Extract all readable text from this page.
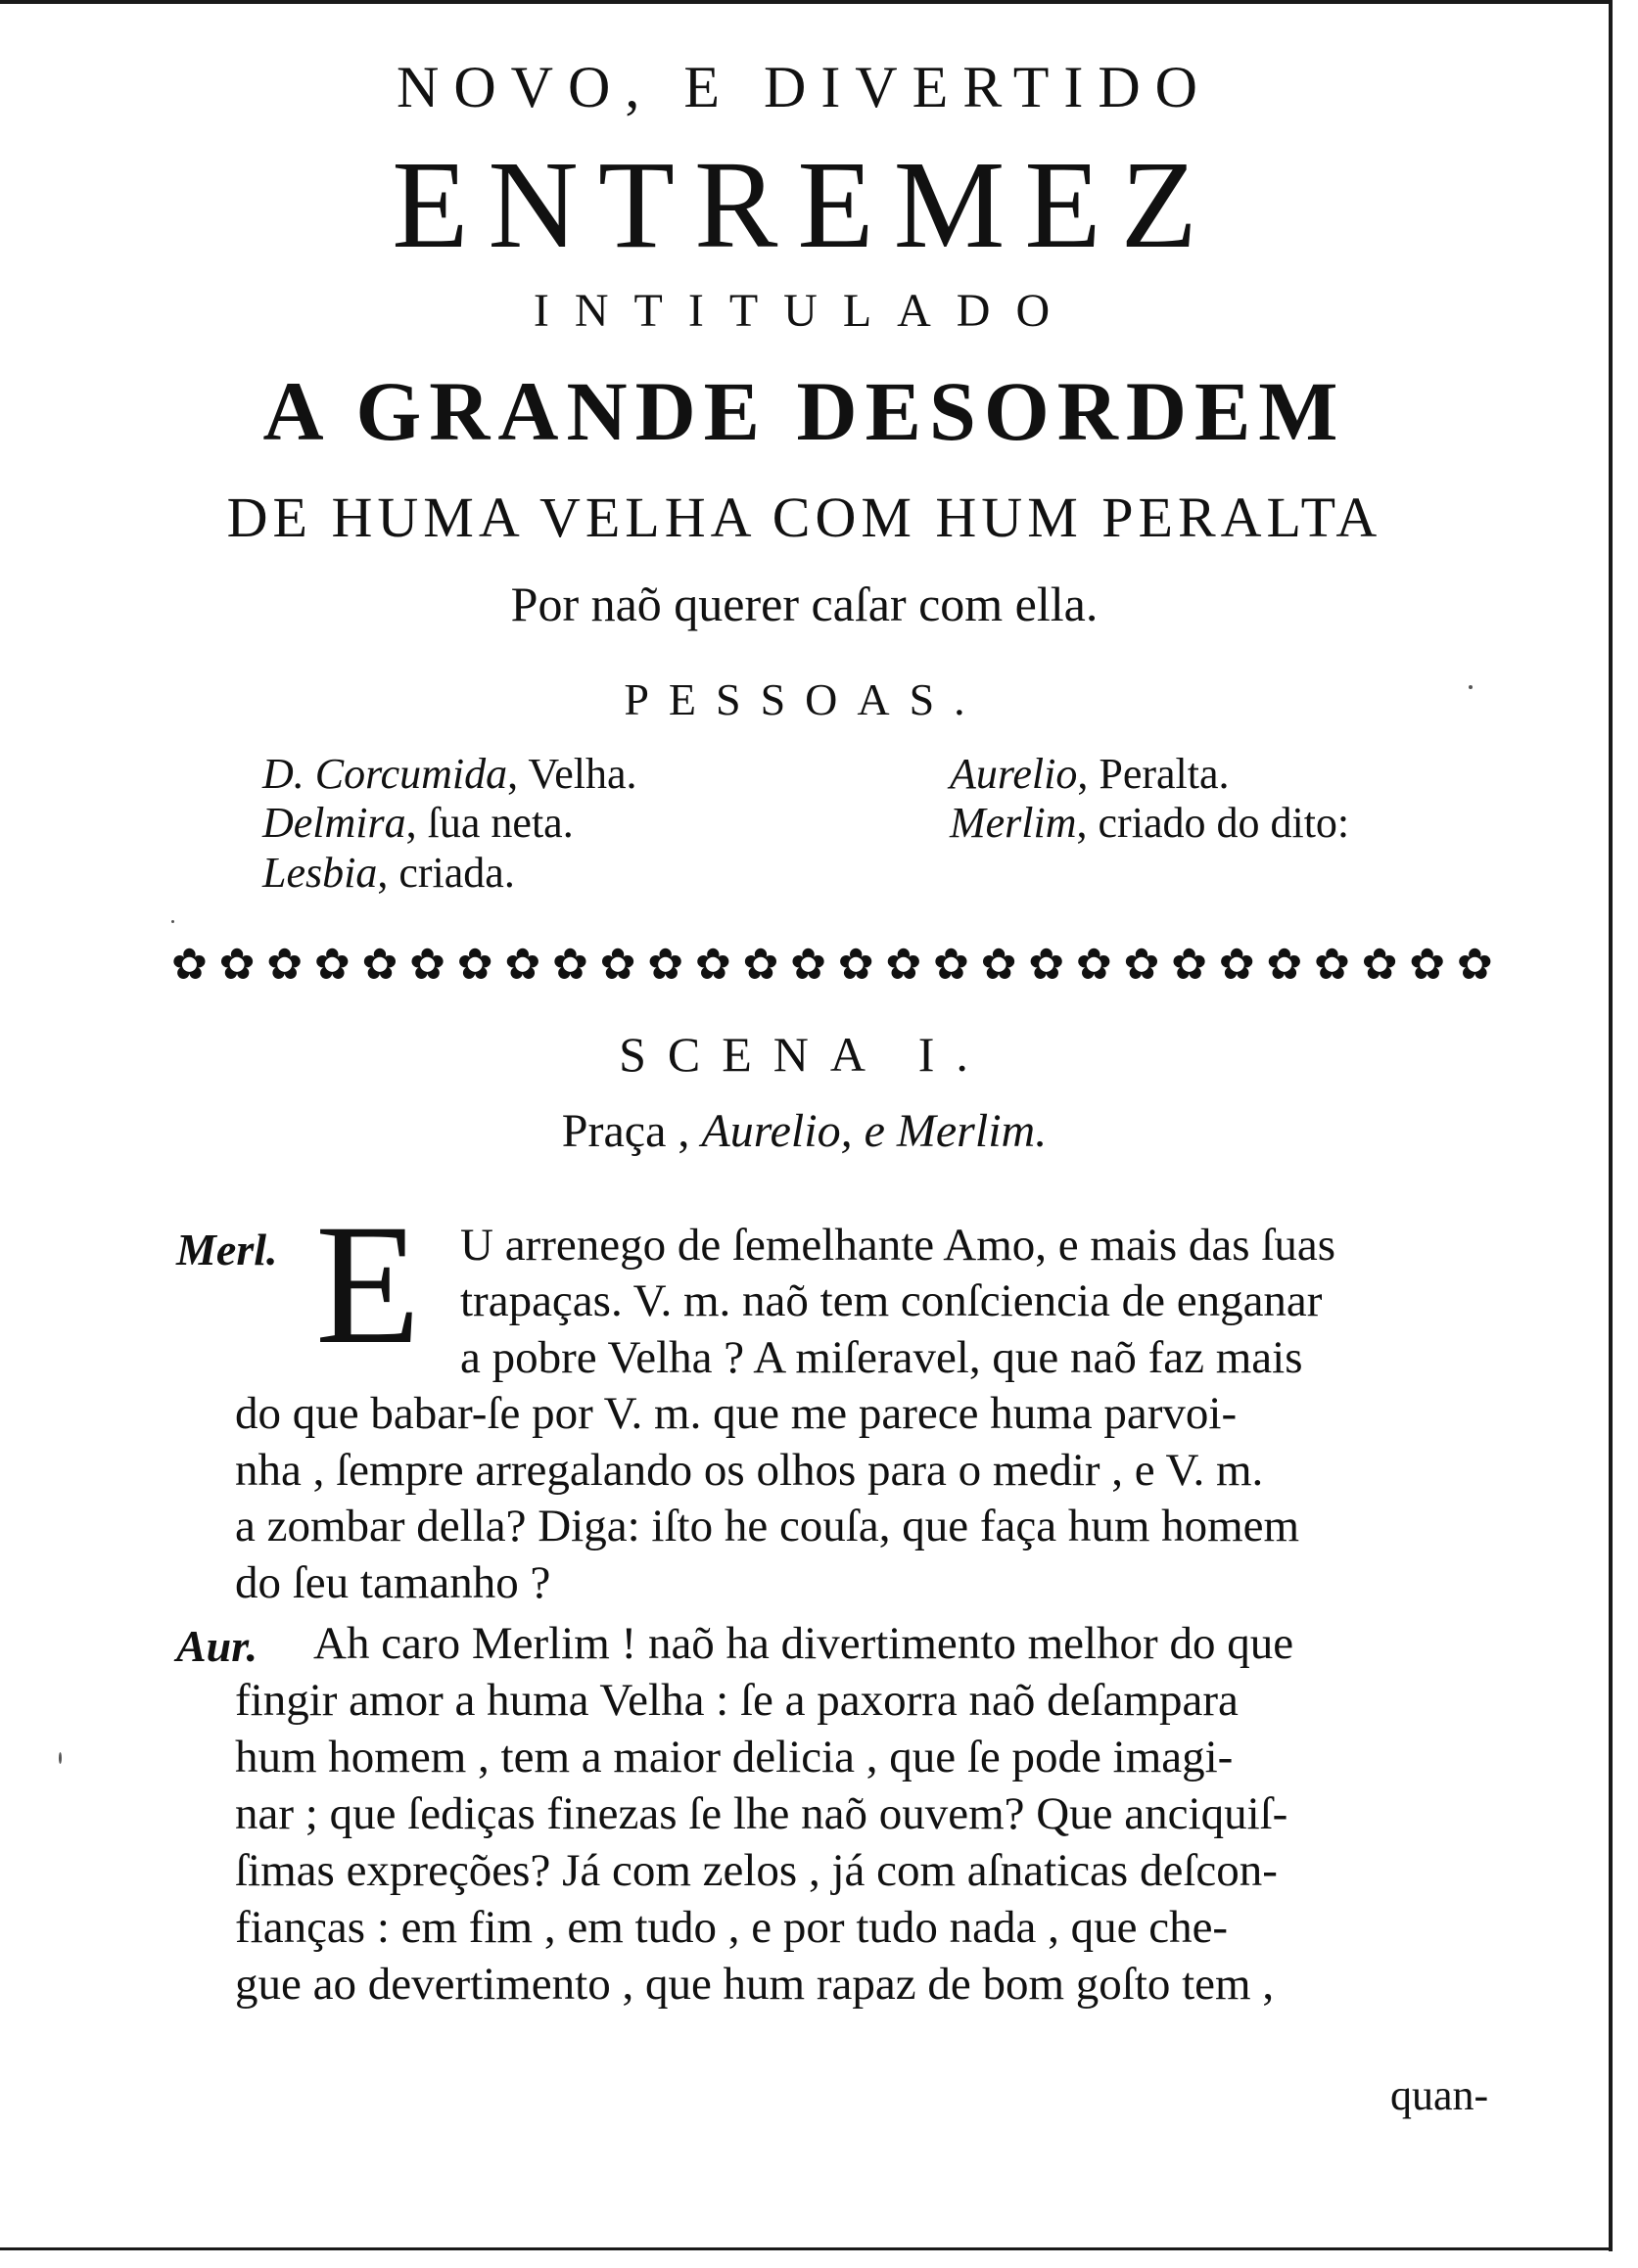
NOVO, E DIVERTIDO
ENTREMEZ
INTITULADO
A GRANDE DESORDEM
DE HUMA VELHA COM HUM PERALTA
Por naõ querer caſar com ella.
PESSOAS.
D. Corcumida, Velha.
Delmira, ſua neta.
Lesbia, criada.
Aurelio, Peralta.
Merlim, criado do dito:
✿ ✿ ✿ ✿ ✿ ✿ ✿ ✿ ✿ ✿ ✿ ✿ ✿ ✿ ✿ ✿ ✿ ✿ ✿ ✿ ✿ ✿ ✿ ✿ ✿ ✿ ✿ ✿
SCENA I.
Praça , Aurelio, e Merlim.
Merl. E U arrenego de ſemelhante Amo, e mais das ſuas
trapaças. V. m. naõ tem conſciencia de enganar
a pobre Velha ? A miſeravel, que naõ faz mais
do que babar-ſe por V. m. que me parece huma parvoi-
nha , ſempre arregalando os olhos para o medir , e V. m.
a zombar della? Diga: iſto he couſa, que faça hum homem
do ſeu tamanho ?
Aur. Ah caro Merlim ! naõ ha divertimento melhor do que
fingir amor a huma Velha : ſe a paxorra naõ deſampara
hum homem , tem a maior delicia , que ſe pode imagi-
nar ; que ſediças finezas ſe lhe naõ ouvem? Que anciquiſ-
ſimas expreções? Já com zelos , já com aſnaticas deſcon-
fianças : em fim , em tudo , e por tudo nada , que che-
gue ao devertimento , que hum rapaz de bom goſto tem ,
quan-
